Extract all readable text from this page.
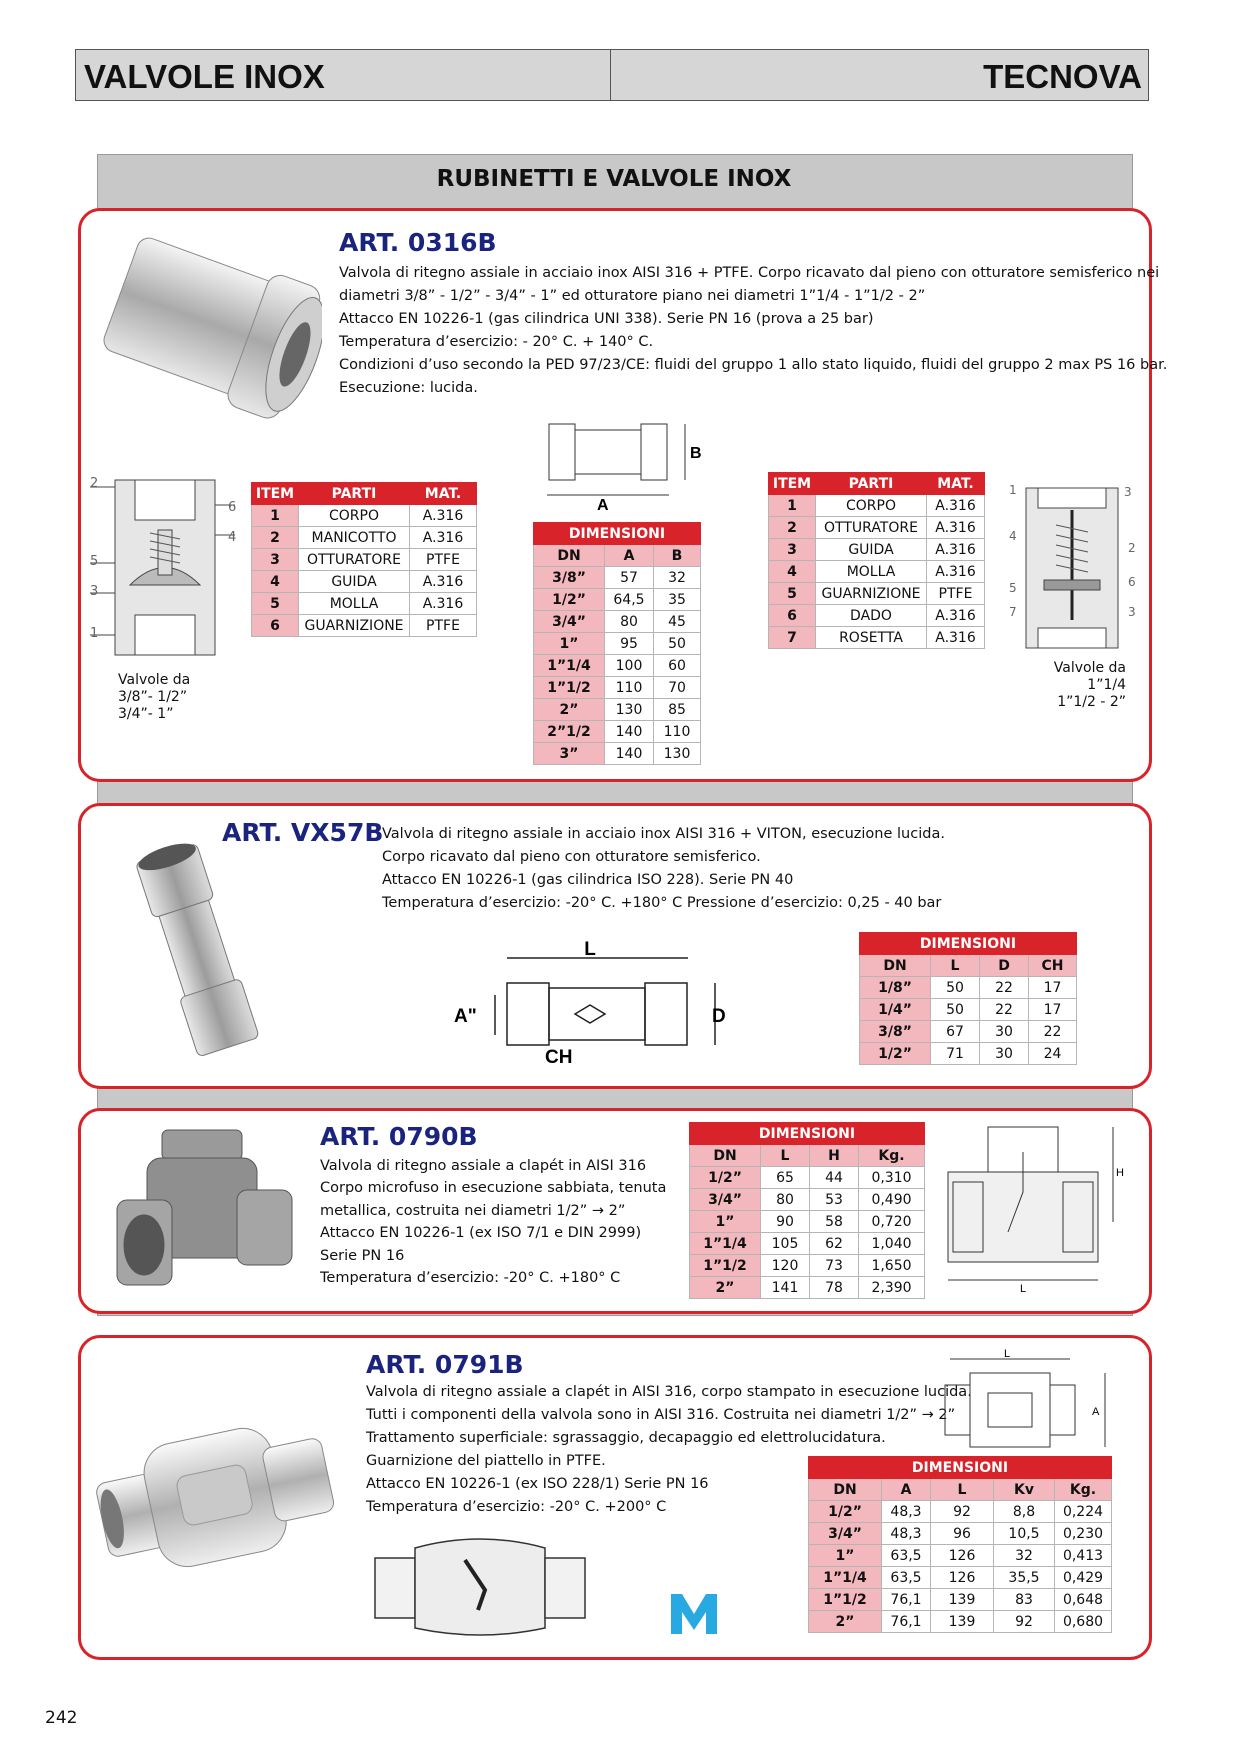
VALVOLE INOX	TECNOVA
RUBINETTI E VALVOLE INOX
ART. 0316B
Valvola di ritegno assiale in acciaio inox AISI 316 + PTFE. Corpo ricavato dal pieno con otturatore semisferico nei
diametri 3/8” - 1/2” - 3/4” - 1” ed otturatore piano nei diametri 1”1/4 - 1”1/2 - 2”
Attacco EN 10226-1 (gas cilindrica UNI 338). Serie PN 16 (prova a 25 bar)
Temperatura d’esercizio: - 20° C. + 140° C.
Condizioni d’uso secondo la PED 97/23/CE: fluidi del gruppo 1 allo stato liquido, fluidi del gruppo 2 max PS 16 bar.
Esecuzione: lucida.
2
5
3
1
6
4
Valvole da
3/8”- 1/2”
3/4”- 1”
ITEM	PARTI	MAT.
1	CORPO	A.316
2	MANICOTTO	A.316
3	OTTURATORE	PTFE
4	GUIDA	A.316
5	MOLLA	A.316
6	GUARNIZIONE	PTFE
A
B
DIMENSIONI		
DN	A	B
3/8”	57	32
1/2”	64,5	35
3/4”	80	45
1”	95	50
1”1/4	100	60
1”1/2	110	70
2”	130	85
2”1/2	140	110
3”	140	130
ITEM	PARTI	MAT.
1	CORPO	A.316
2	OTTURATORE	A.316
3	GUIDA	A.316
4	MOLLA	A.316
5	GUARNIZIONE	PTFE
6	DADO	A.316
7	ROSETTA	A.316
1	3
4
2
5	6
7	3
Valvole da
1”1/4
1”1/2 - 2”
ART. VX57B
Valvola di ritegno assiale in acciaio inox AISI 316 + VITON, esecuzione lucida.
Corpo ricavato dal pieno con otturatore semisferico.
Attacco EN 10226-1 (gas cilindrica ISO 228). Serie PN 40
Temperatura d’esercizio: -20° C. +180° C Pressione d’esercizio: 0,25 - 40 bar
L
A"	D
CH
DIMENSIONI			
DN	L	D	CH
1/8”	50	22	17
1/4”	50	22	17
3/8”	67	30	22
1/2”	71	30	24
ART. 0790B
Valvola di ritegno assiale a clapét in AISI 316
Corpo microfuso in esecuzione sabbiata, tenuta
metallica, costruita nei diametri 1/2” → 2”
Attacco EN 10226-1 (ex ISO 7/1 e DIN 2999)
Serie PN 16
Temperatura d’esercizio: -20° C. +180° C
DIMENSIONI			
DN	L	H	Kg.
1/2”	65	44	0,310
3/4”	80	53	0,490
1”	90	58	0,720
1”1/4	105	62	1,040
1”1/2	120	73	1,650
2”	141	78	2,390
H
L
ART. 0791B
Valvola di ritegno assiale a clapét in AISI 316, corpo stampato in esecuzione lucida.
Tutti i componenti della valvola sono in AISI 316. Costruita nei diametri 1/2” → 2”
Trattamento superficiale: sgrassaggio, decapaggio ed elettrolucidatura.
Guarnizione del piattello in PTFE.
Attacco EN 10226-1 (ex ISO 228/1) Serie PN 16
Temperatura d’esercizio: -20° C. +200° C
L
A
DIMENSIONI				
DN	A	L	Kv	Kg.
1/2”	48,3	92	8,8	0,224
3/4”	48,3	96	10,5	0,230
1”	63,5	126	32	0,413
1”1/4	63,5	126	35,5	0,429
1”1/2	76,1	139	83	0,648
2”	76,1	139	92	0,680
242
